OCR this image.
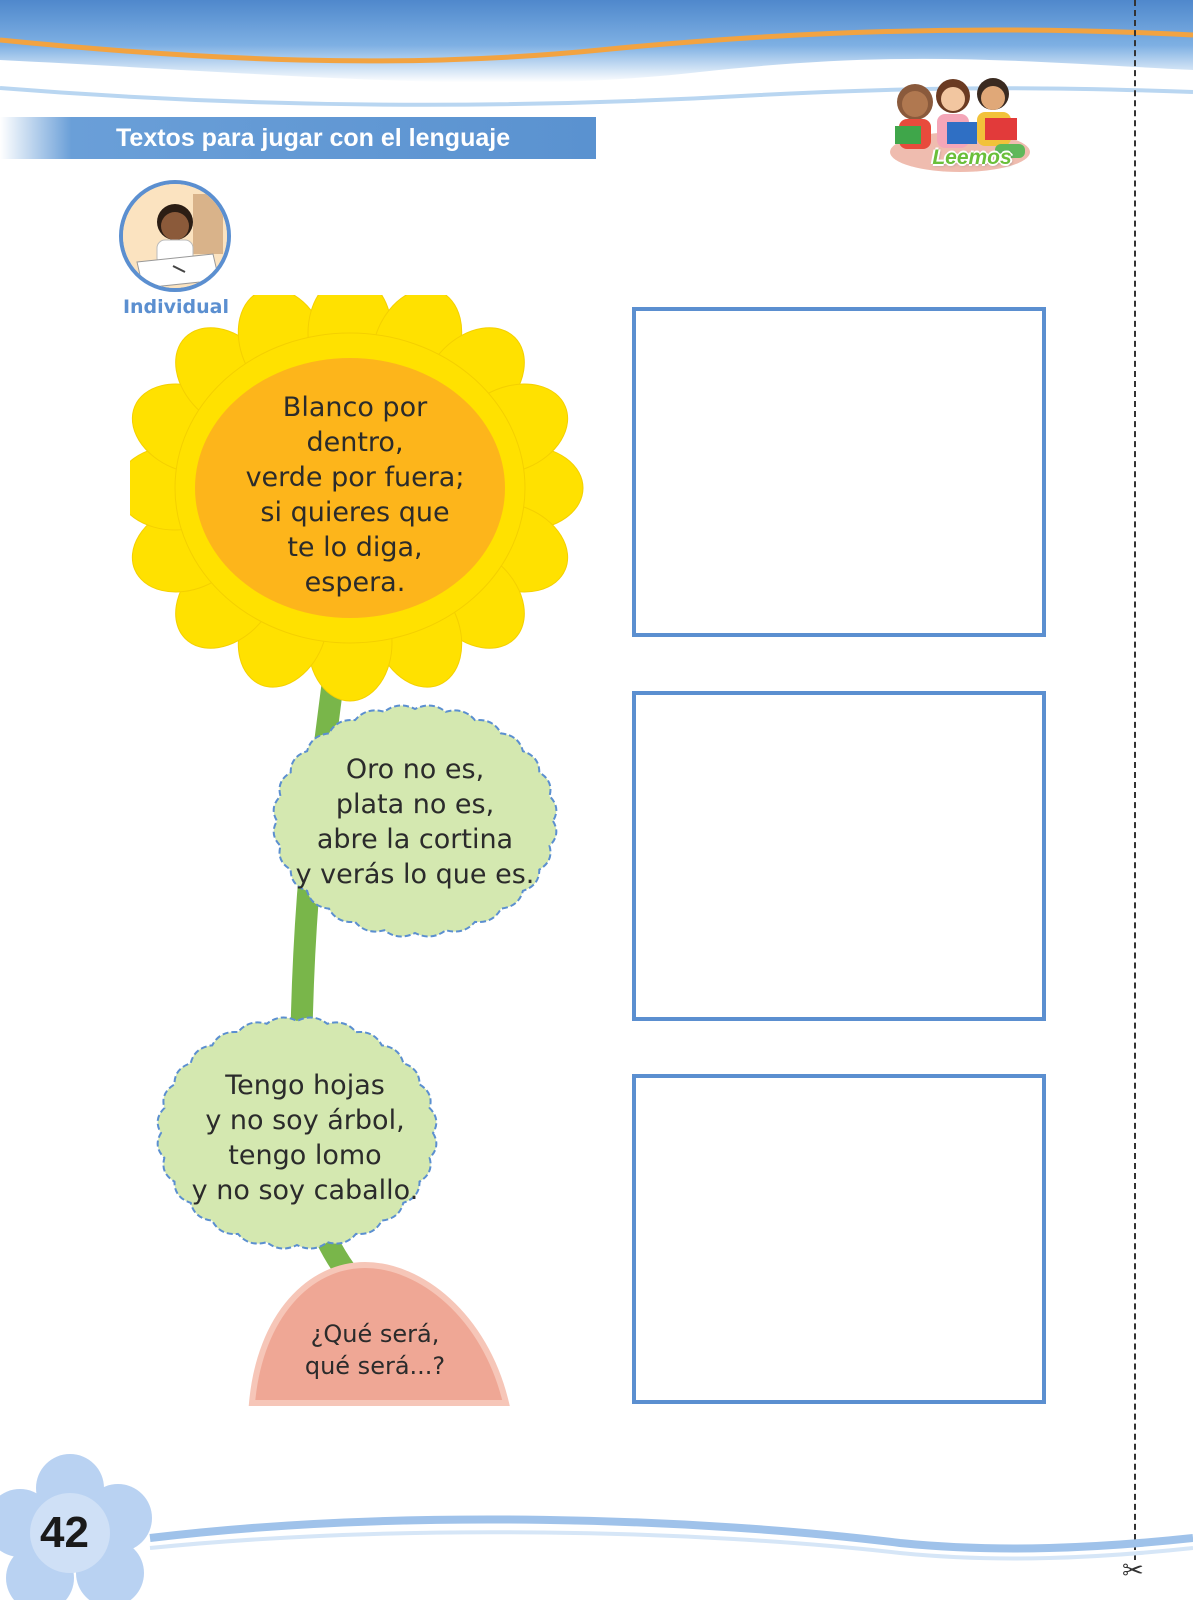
Textos para jugar con el lenguaje
Leemos
Individual
Blanco por
dentro,
verde por fuera;
si quieres que
te lo diga,
espera.
Oro no es,
plata no es,
abre la cortina
y verás lo que es.
Tengo hojas
y no soy árbol,
tengo lomo
y no soy caballo.
¿Qué será,
qué será...?
✂
42
